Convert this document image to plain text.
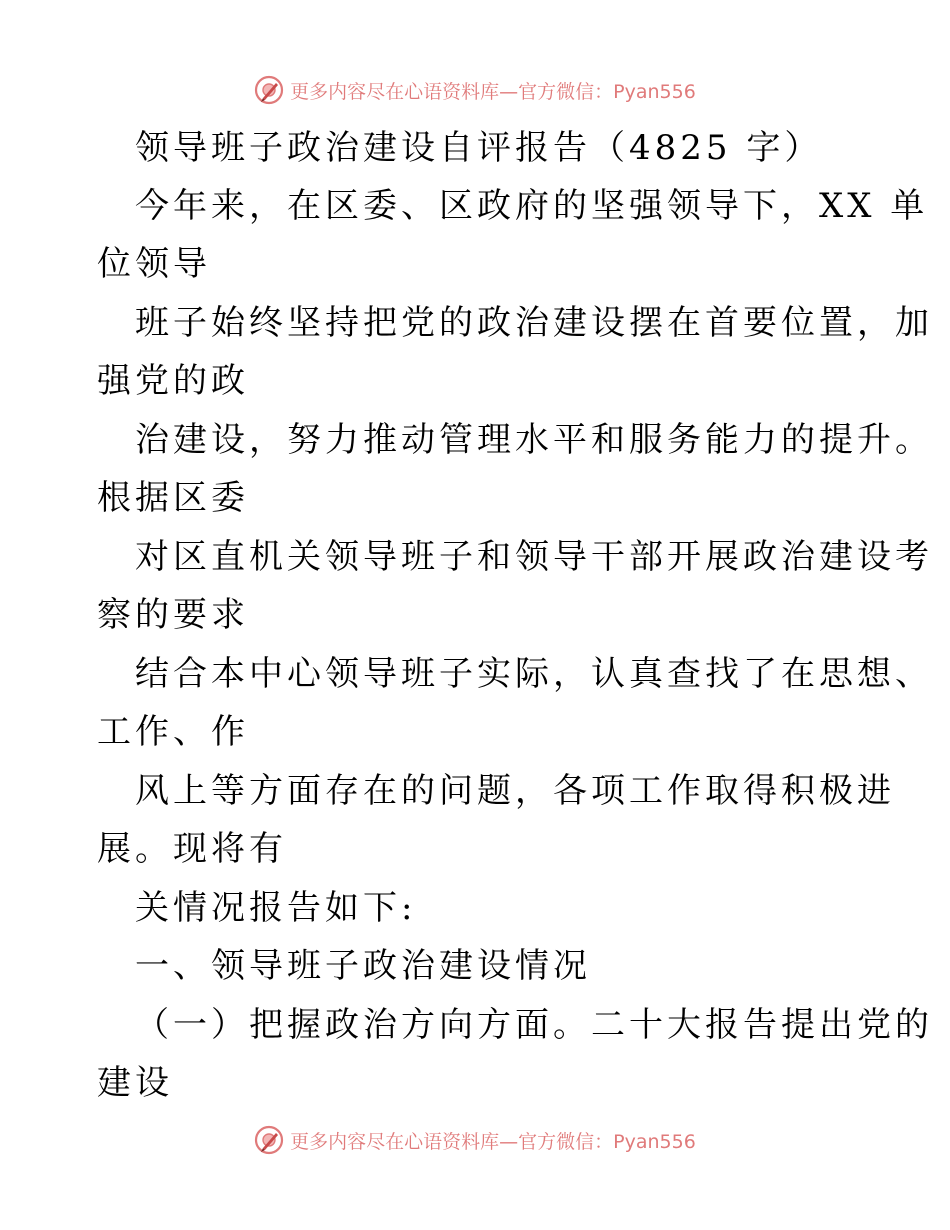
更多内容尽在心语资料库—官方微信：Pyan556
领导班子政治建设自评报告（4825 字）
今年来，在区委、区政府的坚强领导下，XX 单
位领导
班子始终坚持把党的政治建设摆在首要位置，加
强党的政
治建设，努力推动管理水平和服务能力的提升。
根据区委
对区直机关领导班子和领导干部开展政治建设考
察的要求
结合本中心领导班子实际，认真查找了在思想、
工作、作
风上等方面存在的问题，各项工作取得积极进
展。现将有
关情况报告如下:
一、领导班子政治建设情况
（一）把握政治方向方面。二十大报告提出党的
建设
更多内容尽在心语资料库—官方微信：Pyan556
